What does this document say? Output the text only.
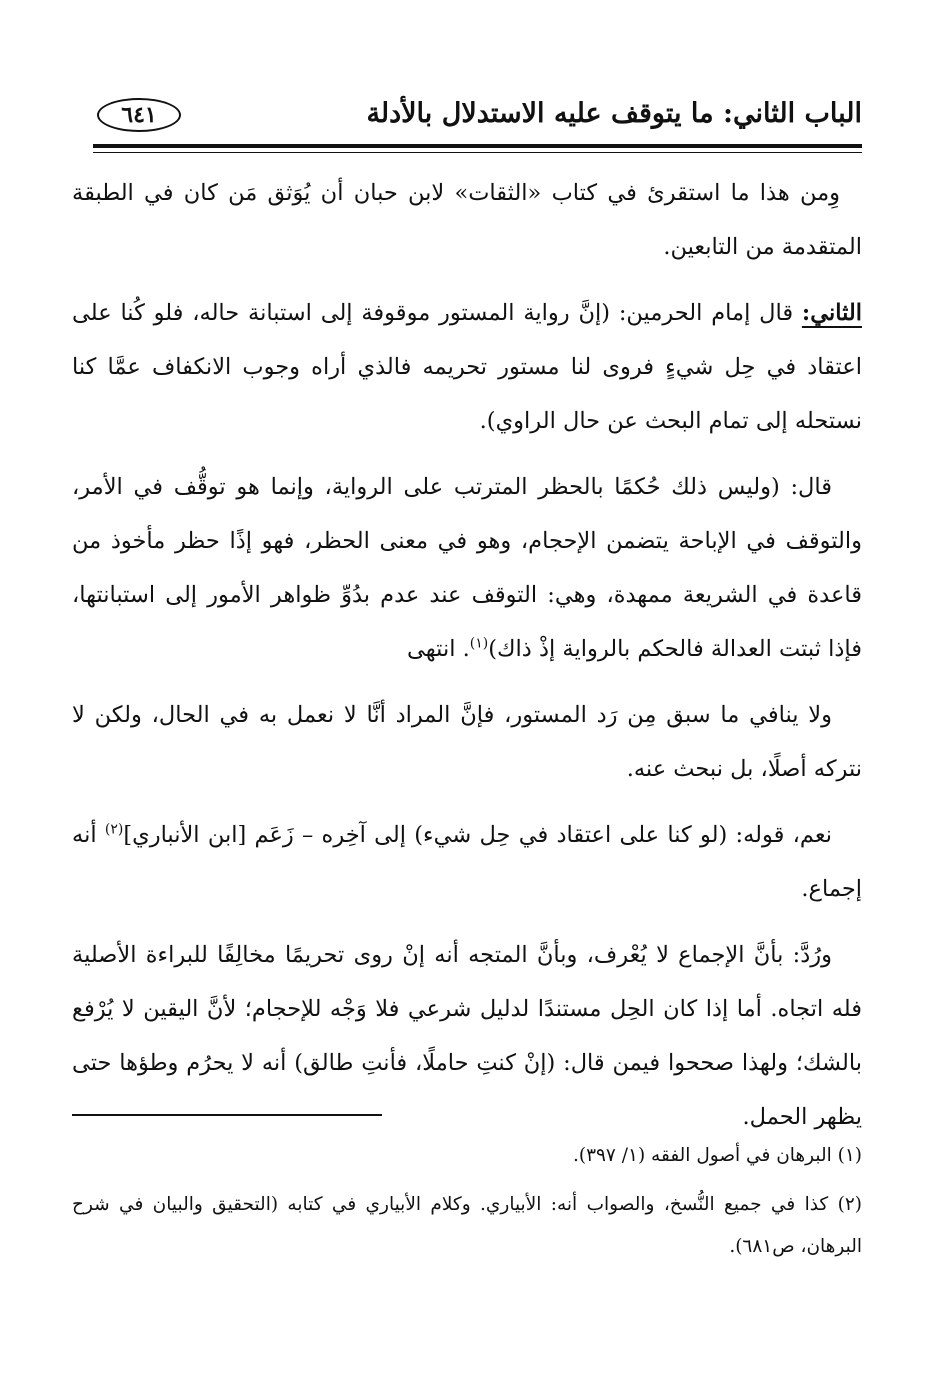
الباب الثاني: ما يتوقف عليه الاستدلال بالأدلة
٦٤١

وِمن هذا ما استقرئ في كتاب «الثقات» لابن حبان أن يُوَثق مَن كان في الطبقة المتقدمة من التابعين.

الثاني: قال إمام الحرمين: (إنَّ رواية المستور موقوفة إلى استبانة حاله، فلو كُنا على اعتقاد في حِل شيءٍ فروى لنا مستور تحريمه فالذي أراه وجوب الانكفاف عمَّا كنا نستحله إلى تمام البحث عن حال الراوي).

قال: (وليس ذلك حُكمًا بالحظر المترتب على الرواية، وإنما هو توقُّف في الأمر، والتوقف في الإباحة يتضمن الإحجام، وهو في معنى الحظر، فهو إذًا حظر مأخوذ من قاعدة في الشريعة ممهدة، وهي: التوقف عند عدم بدُوِّ ظواهر الأمور إلى استبانتها، فإذا ثبتت العدالة فالحكم بالرواية إذْ ذاك)$^{(١)}$. انتهى

ولا ينافي ما سبق مِن رَد المستور، فإنَّ المراد أنَّا لا نعمل به في الحال، ولكن لا نتركه أصلًا، بل نبحث عنه.

نعم، قوله: (لو كنا على اعتقاد في حِل شيء) إلى آخِره – زَعَم [ابن الأنباري]$^{(٢)}$ أنه إجماع.

ورُدَّ: بأنَّ الإجماع لا يُعْرف، وبأنَّ المتجه أنه إنْ روى تحريمًا مخالِفًا للبراءة الأصلية فله اتجاه. أما إذا كان الحِل مستندًا لدليل شرعي فلا وَجْه للإحجام؛ لأنَّ اليقين لا يُرْفع بالشك؛ ولهذا صححوا فيمن قال: (إنْ كنتِ حاملًا، فأنتِ طالق) أنه لا يحرُم وطؤها حتى يظهر الحمل.

(١) البرهان في أصول الفقه (١/ ٣٩٧).

(٢) كذا في جميع النُّسخ، والصواب أنه: الأبياري. وكلام الأبياري في كتابه (التحقيق والبيان في شرح البرهان، ص٦٨١).
